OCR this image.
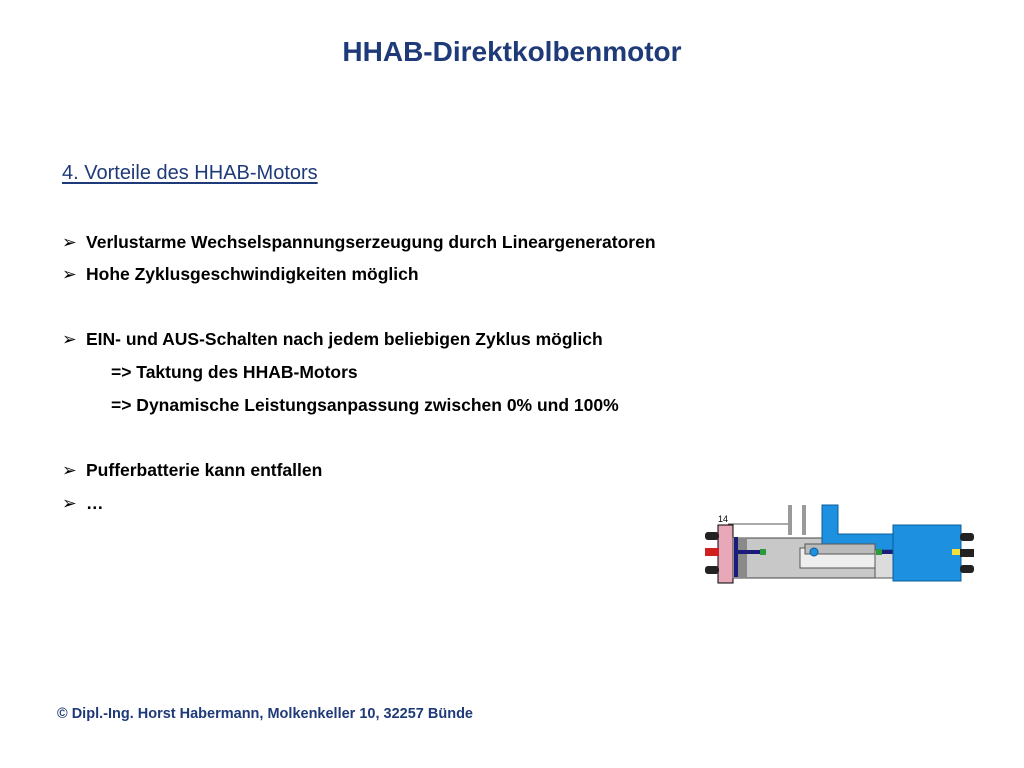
HHAB-Direktkolbenmotor
4. Vorteile des HHAB-Motors
➢ Verlustarme Wechselspannungserzeugung durch Lineargeneratoren
➢ Hohe Zyklusgeschwindigkeiten möglich
➢ EIN- und AUS-Schalten nach jedem beliebigen Zyklus möglich
=> Taktung des HHAB-Motors
=> Dynamische Leistungsanpassung zwischen 0% und 100%
➢ Pufferbatterie kann entfallen
➢ …
14
© Dipl.-Ing. Horst Habermann, Molkenkeller 10, 32257 Bünde
